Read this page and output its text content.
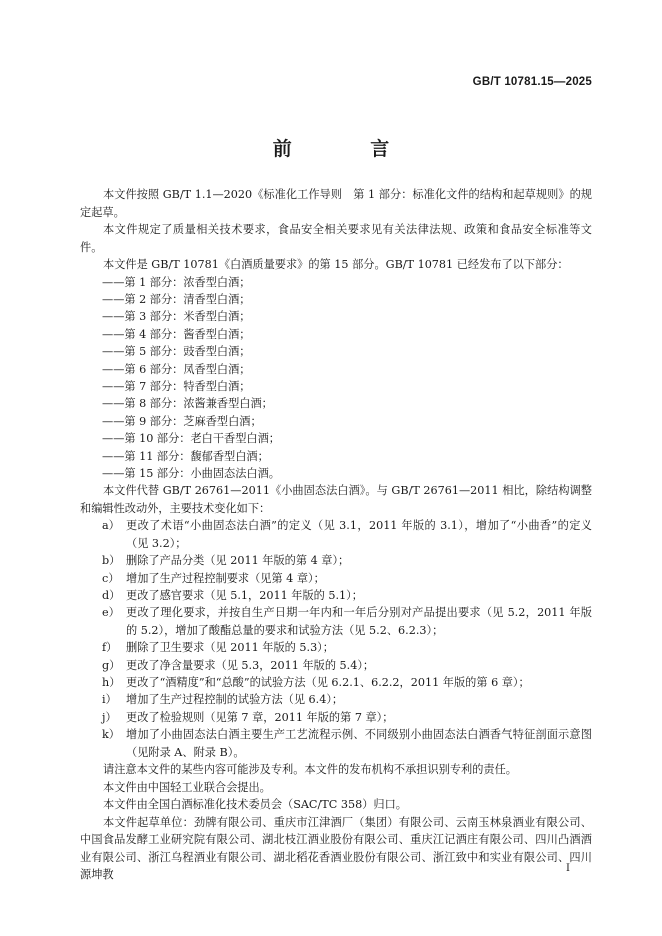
GB/T 10781.15—2025
前 言

本文件按照 GB/T 1.1—2020《标准化工作导则　第 1 部分：标准化文件的结构和起草规则》的规定起草。

本文件规定了质量相关技术要求，食品安全相关要求见有关法律法规、政策和食品安全标准等文件。

本文件是 GB/T 10781《白酒质量要求》的第 15 部分。GB/T 10781 已经发布了以下部分：

——第 1 部分：浓香型白酒；

——第 2 部分：清香型白酒；

——第 3 部分：米香型白酒；

——第 4 部分：酱香型白酒；

——第 5 部分：豉香型白酒；

——第 6 部分：凤香型白酒；

——第 7 部分：特香型白酒；

——第 8 部分：浓酱兼香型白酒；

——第 9 部分：芝麻香型白酒；

——第 10 部分：老白干香型白酒；

——第 11 部分：馥郁香型白酒；

——第 15 部分：小曲固态法白酒。

本文件代替 GB/T 26761—2011《小曲固态法白酒》。与 GB/T 26761—2011 相比，除结构调整和编辑性改动外，主要技术变化如下：

a） 更改了术语“小曲固态法白酒”的定义（见 3.1，2011 年版的 3.1），增加了“小曲香”的定义（见 3.2）；

b） 删除了产品分类（见 2011 年版的第 4 章）；

c） 增加了生产过程控制要求（见第 4 章）；

d） 更改了感官要求（见 5.1，2011 年版的 5.1）；

e） 更改了理化要求，并按自生产日期一年内和一年后分别对产品提出要求（见 5.2，2011 年版的 5.2），增加了酸酯总量的要求和试验方法（见 5.2、6.2.3）；

f） 删除了卫生要求（见 2011 年版的 5.3）；

g） 更改了净含量要求（见 5.3，2011 年版的 5.4）；

h） 更改了“酒精度”和“总酸”的试验方法（见 6.2.1、6.2.2，2011 年版的第 6 章）；

i） 增加了生产过程控制的试验方法（见 6.4）；

j） 更改了检验规则（见第 7 章，2011 年版的第 7 章）；

k） 增加了小曲固态法白酒主要生产工艺流程示例、不同级别小曲固态法白酒香气特征剖面示意图（见附录 A、附录 B）。

请注意本文件的某些内容可能涉及专利。本文件的发布机构不承担识别专利的责任。

本文件由中国轻工业联合会提出。

本文件由全国白酒标准化技术委员会（SAC/TC 358）归口。

本文件起草单位：劲牌有限公司、重庆市江津酒厂（集团）有限公司、云南玉林泉酒业有限公司、中国食品发酵工业研究院有限公司、湖北枝江酒业股份有限公司、重庆江记酒庄有限公司、四川凸酒酒业有限公司、浙江乌程酒业有限公司、湖北稻花香酒业股份有限公司、浙江致中和实业有限公司、四川源坤教	I
